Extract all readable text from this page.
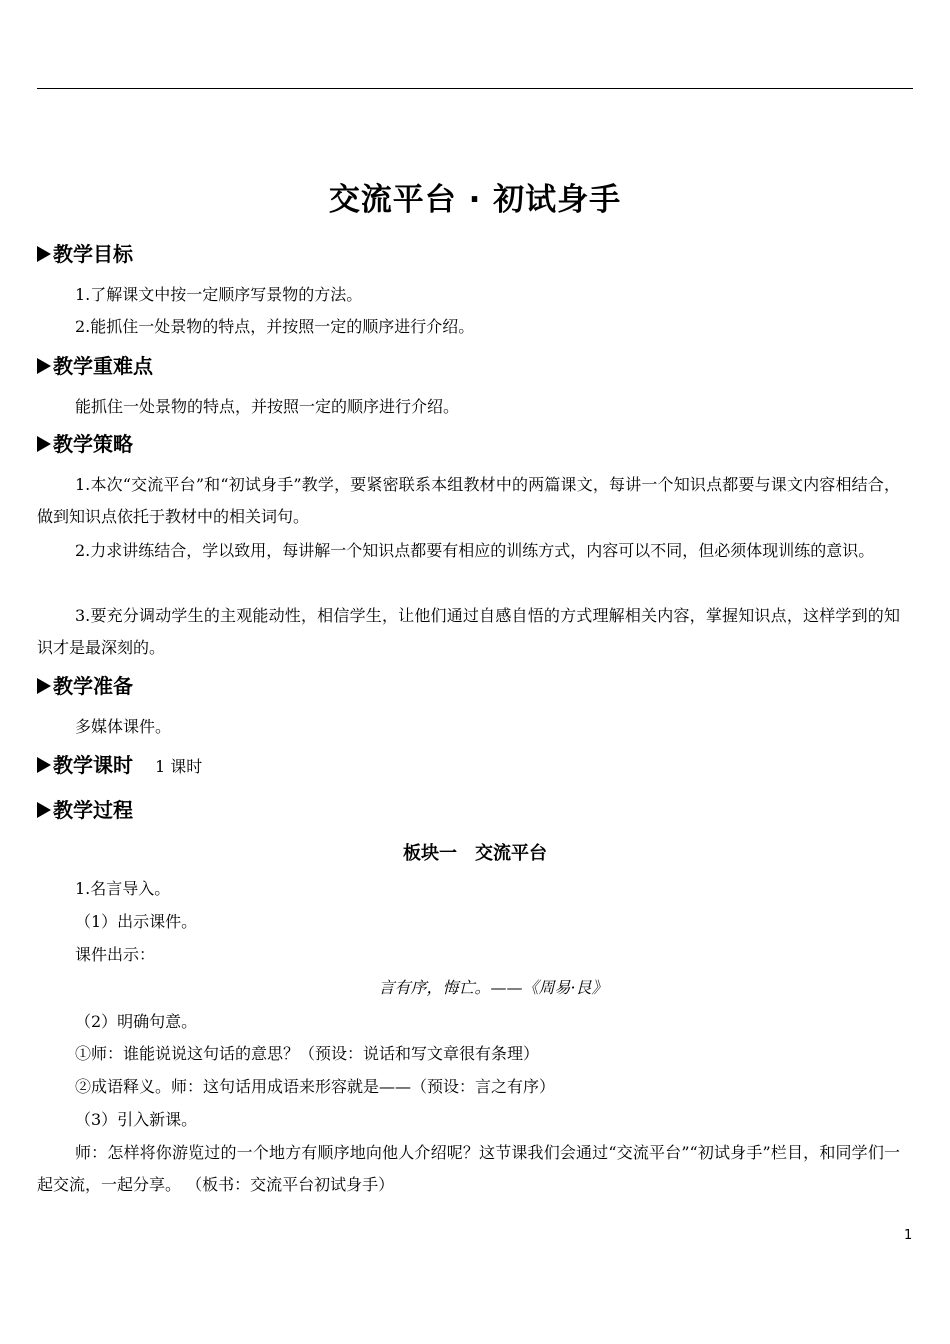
交流平台 · 初试身手
教学目标
1.了解课文中按一定顺序写景物的方法。
2.能抓住一处景物的特点，并按照一定的顺序进行介绍。
教学重难点
能抓住一处景物的特点，并按照一定的顺序进行介绍。
教学策略
1.本次“交流平台”和“初试身手”教学，要紧密联系本组教材中的两篇课文，每讲一个知识点都要与课文内容相结合，做到知识点依托于教材中的相关词句。
2.力求讲练结合，学以致用，每讲解一个知识点都要有相应的训练方式，内容可以不同，但必须体现训练的意识。
3.要充分调动学生的主观能动性，相信学生，让他们通过自感自悟的方式理解相关内容，掌握知识点，这样学到的知识才是最深刻的。
教学准备
多媒体课件。
教学课时 1 课时
教学过程
板块一　交流平台
1.名言导入。
（1）出示课件。
课件出示：
言有序，悔亡。——《周易·艮》
（2）明确句意。
①师：谁能说说这句话的意思？（预设：说话和写文章很有条理）
②成语释义。师：这句话用成语来形容就是——（预设：言之有序）
（3）引入新课。
师：怎样将你游览过的一个地方有顺序地向他人介绍呢？这节课我们会通过“交流平台”“初试身手”栏目，和同学们一起交流，一起分享。 （板书：交流平台初试身手）
1
